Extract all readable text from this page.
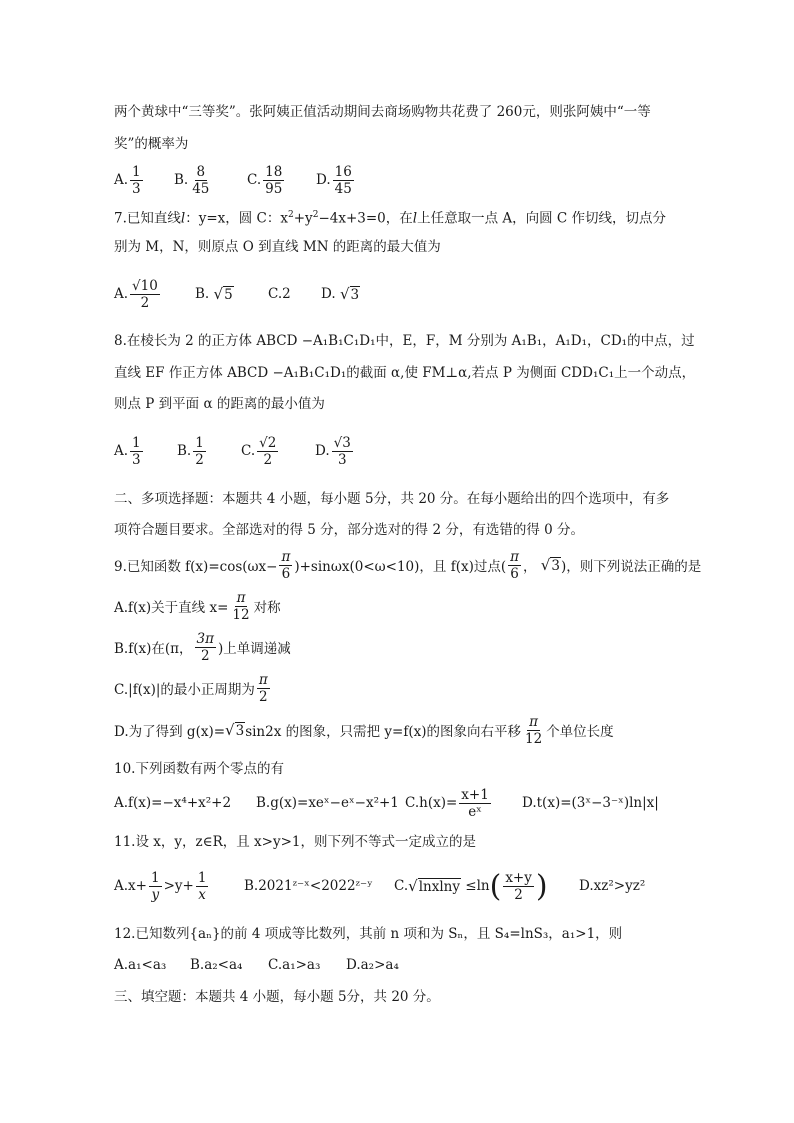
两个黄球中“三等奖”。张阿姨正值活动期间去商场购物共花费了 260元，则张阿姨中“一等
奖”的概率为
A. $\frac{1}{3} B$. $\frac{8}{45}$	C. $\frac{18}{95} D$. $\frac{16}{45}$
7.已知直线l：y=x，圆 C：$x^2+y^2-4x+3=0$，在l上任意取一点 A，向圆 C 作切线，切点分
别为 M，N，则原点 O 到直线 MN 的距离的最大值为
A. $\frac{√10}{2}$	B.
√5	C.2 D.
√3
8.在棱长为 2 的正方体 ABCD −A₁B₁C₁D₁中，E，F，M 分别为 A₁B₁，A₁D₁，CD₁的中点，过
直线 EF 作正方体 ABCD −A₁B₁C₁D₁的截面 α,使 FM⊥α,若点 P 为侧面 CDD₁C₁上一个动点，
则点 P 到平面 α 的距离的最小值为
A. $\frac{1}{3}$	B. $\frac{1}{2}$	C. $\frac{√2}{2}$	D. $\frac{√3}{3}$
二、多项选择题：本题共 4 小题，每小题 5分，共 20 分。在每小题给出的四个选项中，有多
项符合题目要求。全部选对的得 5 分，部分选对的得 2 分，有选错的得 0 分。
9.已知函数 $f(x)=\cos(\omega x- \frac{\pi}{6} )+\sin\omega x(0<\omega<10)$，且 f(x)过点( $\frac{\pi}{6}$ ，
√3 )，则下列说法正确的是
A.f(x)关于直线 $x= \frac{\pi}{12}$ 对称
B.f(x)在(π， $\frac{3\pi}{2}$ )上单调递减
C.|f(x)|的最小正周期为 $\frac{\pi}{2}$
D.为了得到 g(x)= √3 sin2x 的图象，只需把 y=f(x)的图象向右平移 $\frac{\pi}{12}$ 个单位长度
10.下列函数有两个零点的有
A.f(x)=−x⁴+x²+2 B.g(x)=xeˣ−eˣ−x²+1 $C.h(x)= \frac{x+1}{\text{eˣ}}$ D.t(x)=(3ˣ−3⁻ˣ)ln|x|
11.设 x，y，z∈R，且 x>y>1，则下列不等式一定成立的是
$A.x+ \frac{1}{y} >y+ \frac{1}{x}$	B.2021ᶻ⁻ˣ<2022ᶻ⁻ʸ C. √lnxlny
≤ln ( $\frac{x+y}{2}$ ) D.xz²>yz²
12.已知数列{aₙ}的前 4 项成等比数列，其前 n 项和为 Sₙ，且 S₄=lnS₃，a₁>1，则
A.a₁<a₃ B.a₂<a₄ C.a₁>a₃ D.a₂>a₄
三、填空题：本题共 4 小题，每小题 5分，共 20 分。
